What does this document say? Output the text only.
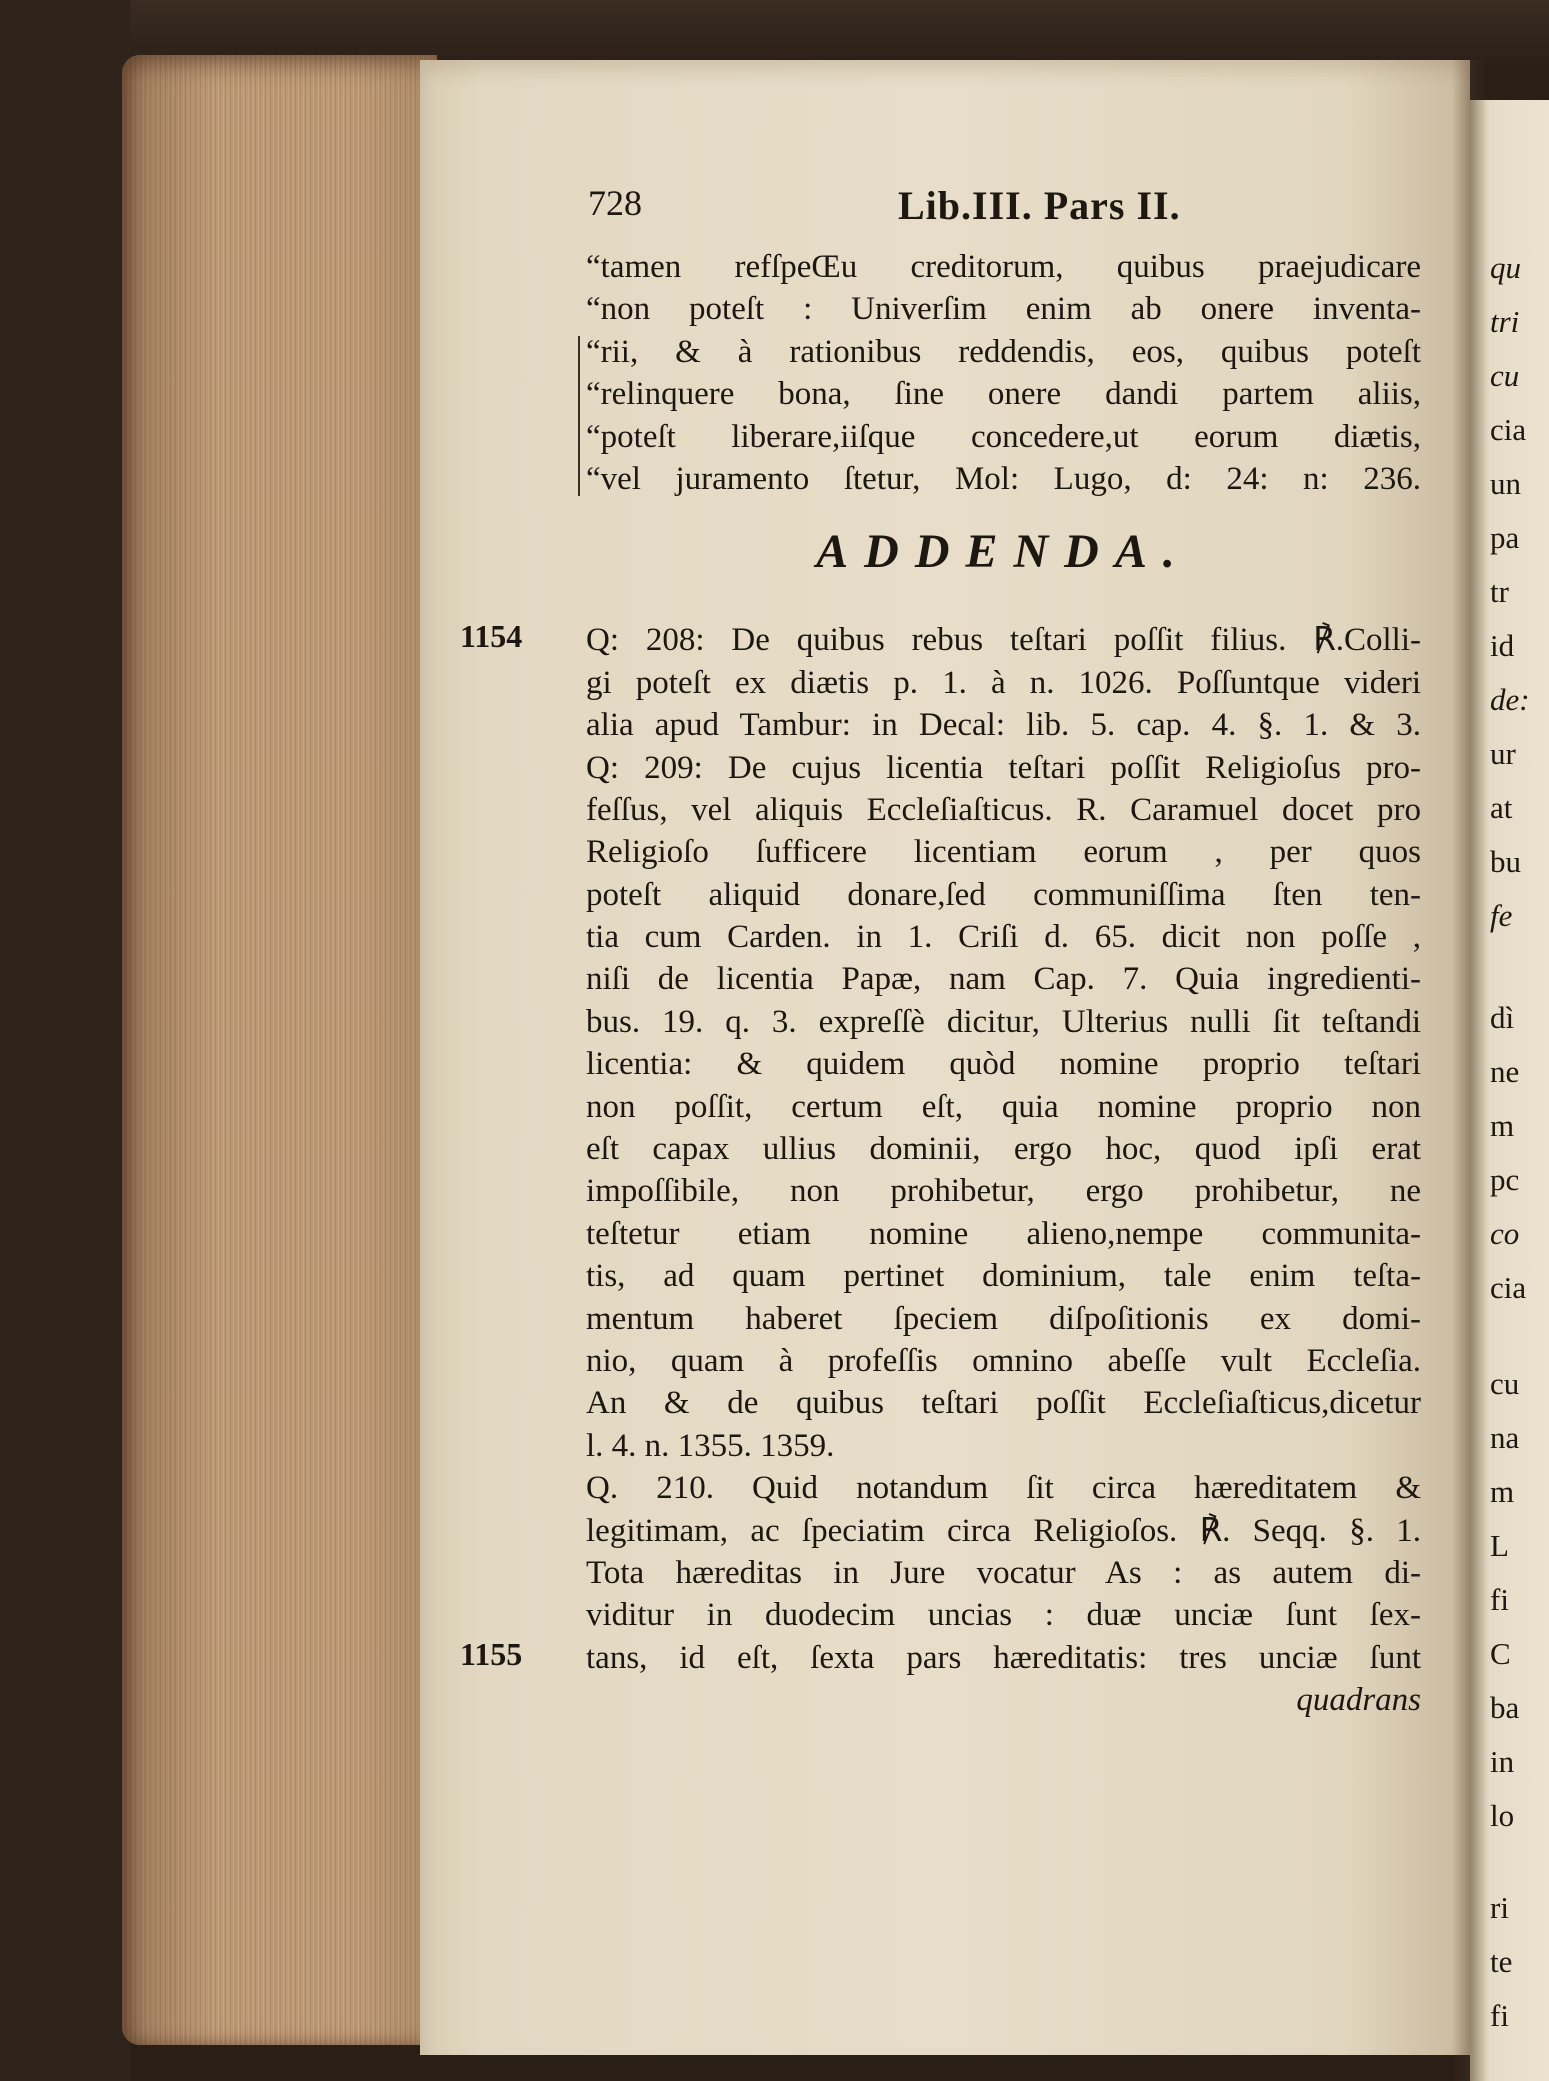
728	Lib.III. Pars II.
“tamen refſpeŒu creditorum, quibus praejudicare
“non poteſt : Univerſim enim ab onere inventa-
“rii, & à rationibus reddendis, eos, quibus poteſt
“relinquere bona, ſine onere dandi partem aliis,
“poteſt liberare,iiſque concedere,ut eorum diætis,
“vel juramento ſtetur, Mol: Lugo, d: 24: n: 236.
ADDENDA.
Q: 208: De quibus rebus teſtari poſſit filius. ℟.Colli-
gi poteſt ex diætis p. 1. à n. 1026. Poſſuntque videri
alia apud Tambur: in Decal: lib. 5. cap. 4. §. 1. & 3.
Q: 209: De cujus licentia teſtari poſſit Religioſus pro-
feſſus, vel aliquis Eccleſiaſticus. R. Caramuel docet pro
Religioſo ſufficere licentiam eorum , per quos
poteſt aliquid donare,ſed communiſſima ſten ten-
tia cum Carden. in 1. Criſi d. 65. dicit non poſſe ,
niſi de licentia Papæ, nam Cap. 7. Quia ingredienti-
bus. 19. q. 3. expreſſè dicitur, Ulterius nulli ſit teſtandi
licentia: & quidem quòd nomine proprio teſtari
non poſſit, certum eſt, quia nomine proprio non
eſt capax ullius dominii, ergo hoc, quod ipſi erat
impoſſibile, non prohibetur, ergo prohibetur, ne
teſtetur etiam nomine alieno,nempe communita-
tis, ad quam pertinet dominium, tale enim teſta-
mentum haberet ſpeciem diſpoſitionis ex domi-
nio, quam à profeſſis omnino abeſſe vult Eccleſia.
An & de quibus teſtari poſſit Eccleſiaſticus,dicetur
l. 4. n. 1355. 1359.
Q. 210. Quid notandum ſit circa hæreditatem &
legitimam, ac ſpeciatim circa Religioſos. ℟. Seqq. §. 1.
Tota hæreditas in Jure vocatur As : as autem di-
viditur in duodecim uncias : duæ unciæ ſunt ſex-
tans, id eſt, ſexta pars hæreditatis: tres unciæ ſunt
quadrans
1154
1155
qu
tri
cu
cia
un
pa
tr
id
de:
ur
at
bu
fe
dì
ne
m
pc
co
cia
cu
na
m
L
fi
C
ba
in
lo
ri
te
fi
